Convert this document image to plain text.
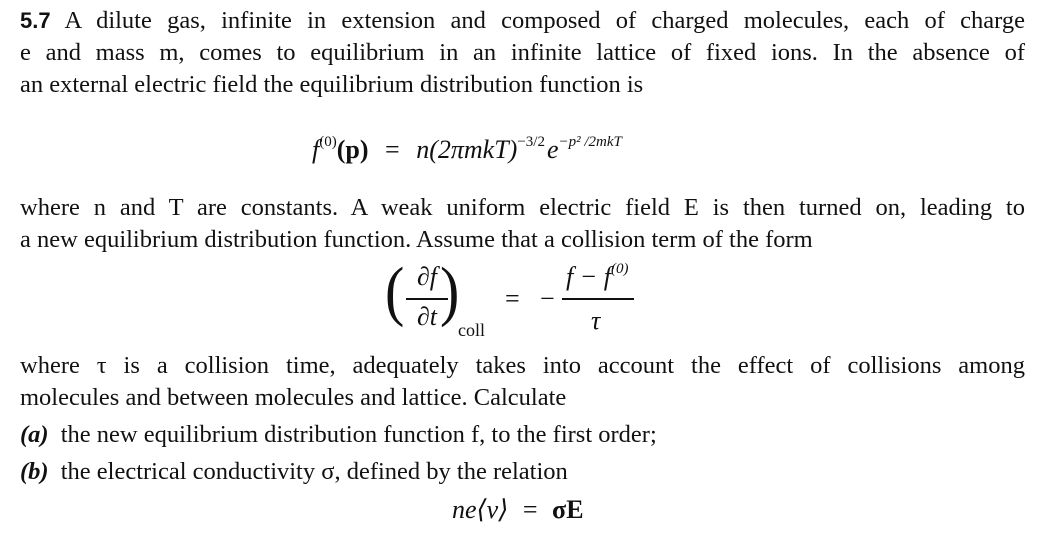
5.7 A dilute gas, infinite in extension and composed of charged molecules, each of charge
e and mass m, comes to equilibrium in an infinite lattice of fixed ions. In the absence of
an external electric field the equilibrium distribution function is
$f^{(0)}(p) = n(2\pi mkT)^{-3/2}e^{-p^2 /2mkT}$
where n and T are constants. A weak uniform electric field E is then turned on, leading to
a new equilibrium distribution function. Assume that a collision term of the form
( ∂f
∂t )
coll
= −
$f - f^{(0)}$
τ
where τ is a collision time, adequately takes into account the effect of collisions among
molecules and between molecules and lattice. Calculate
(a) the new equilibrium distribution function f, to the first order;
(b) the electrical conductivity σ, defined by the relation
ne⟨v⟩ = σE
